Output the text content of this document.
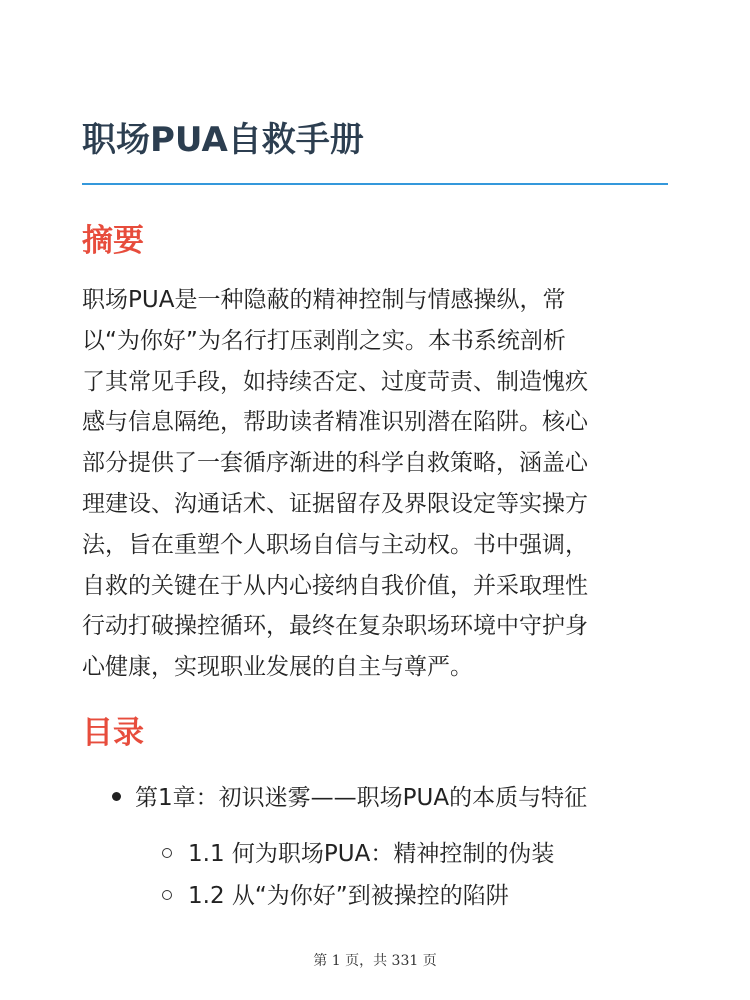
职场PUA自救手册
摘要

职场PUA是一种隐蔽的精神控制与情感操纵，常
以“为你好”为名行打压剥削之实。本书系统剖析
了其常见手段，如持续否定、过度苛责、制造愧疚
感与信息隔绝，帮助读者精准识别潜在陷阱。核心
部分提供了一套循序渐进的科学自救策略，涵盖心
理建设、沟通话术、证据留存及界限设定等实操方
法，旨在重塑个人职场自信与主动权。书中强调，
自救的关键在于从内心接纳自我价值，并采取理性
行动打破操控循环，最终在复杂职场环境中守护身
心健康，实现职业发展的自主与尊严。

目录
第1章：初识迷雾——职场PUA的本质与特征
1.1 何为职场PUA：精神控制的伪装
1.2 从“为你好”到被操控的陷阱
第 1 页，共 331 页
